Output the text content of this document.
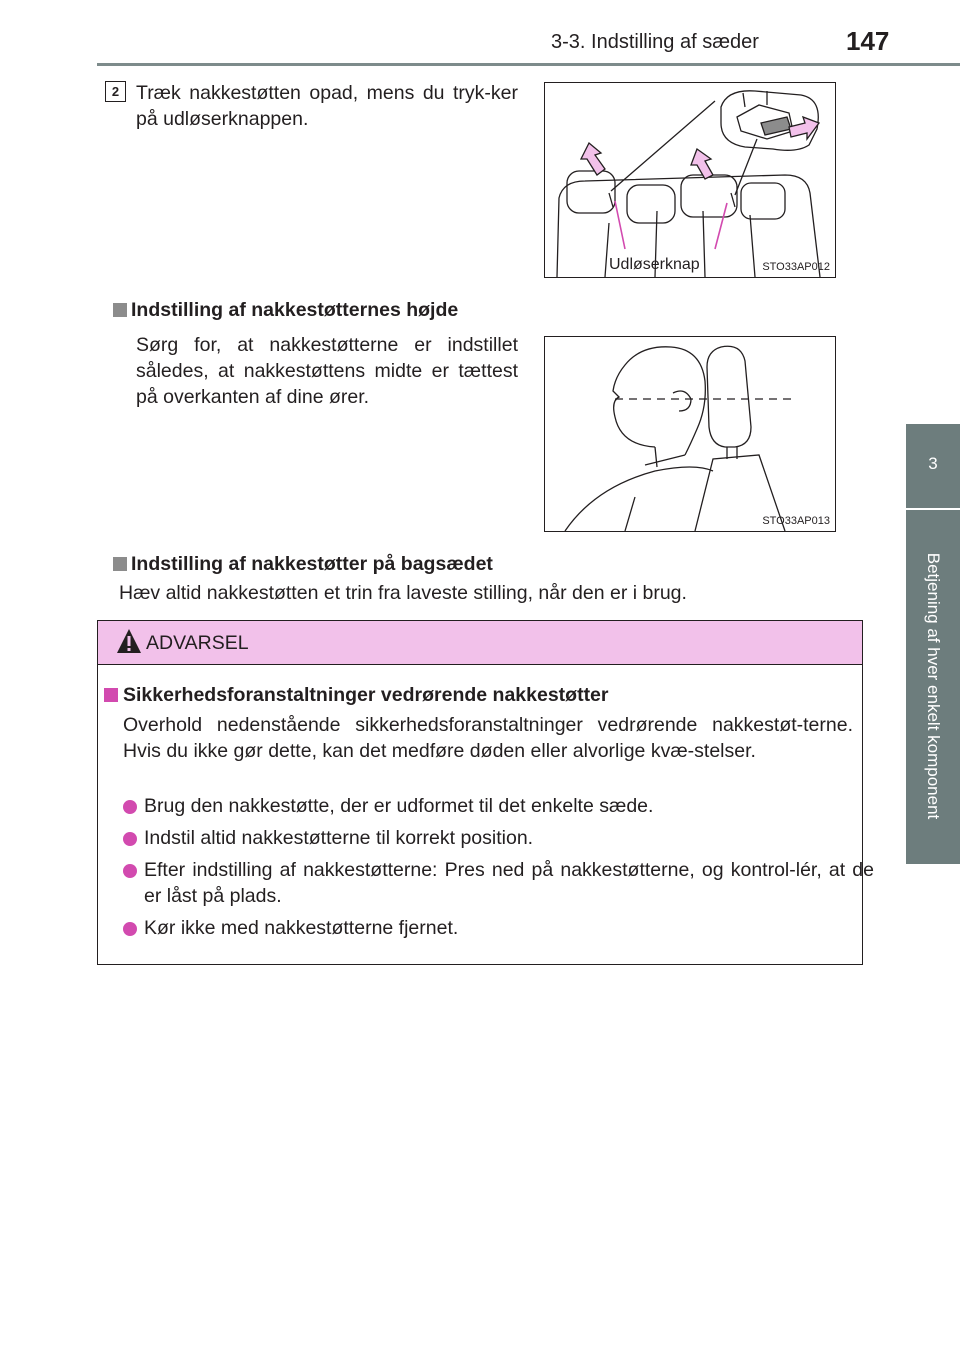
3-3. Indstilling af sæder	147
3
Betjening af hver enkelt komponent
2 Træk nakkestøtten opad, mens du tryk-ker på udløserknappen.
Udløserknap	STO33AP012
Indstilling af nakkestøtternes højde
Sørg for, at nakkestøtterne er indstillet således, at nakkestøttens midte er tættest på overkanten af dine ører.
STO33AP013
Indstilling af nakkestøtter på bagsædet
Hæv altid nakkestøtten et trin fra laveste stilling, når den er i brug.
ADVARSEL
Sikkerhedsforanstaltninger vedrørende nakkestøtter
Overhold nedenstående sikkerhedsforanstaltninger vedrørende nakkestøt-terne. Hvis du ikke gør dette, kan det medføre døden eller alvorlige kvæ-stelser.
Brug den nakkestøtte, der er udformet til det enkelte sæde.
Indstil altid nakkestøtterne til korrekt position.
Efter indstilling af nakkestøtterne: Pres ned på nakkestøtterne, og kontrol-lér, at de er låst på plads.
Kør ikke med nakkestøtterne fjernet.
